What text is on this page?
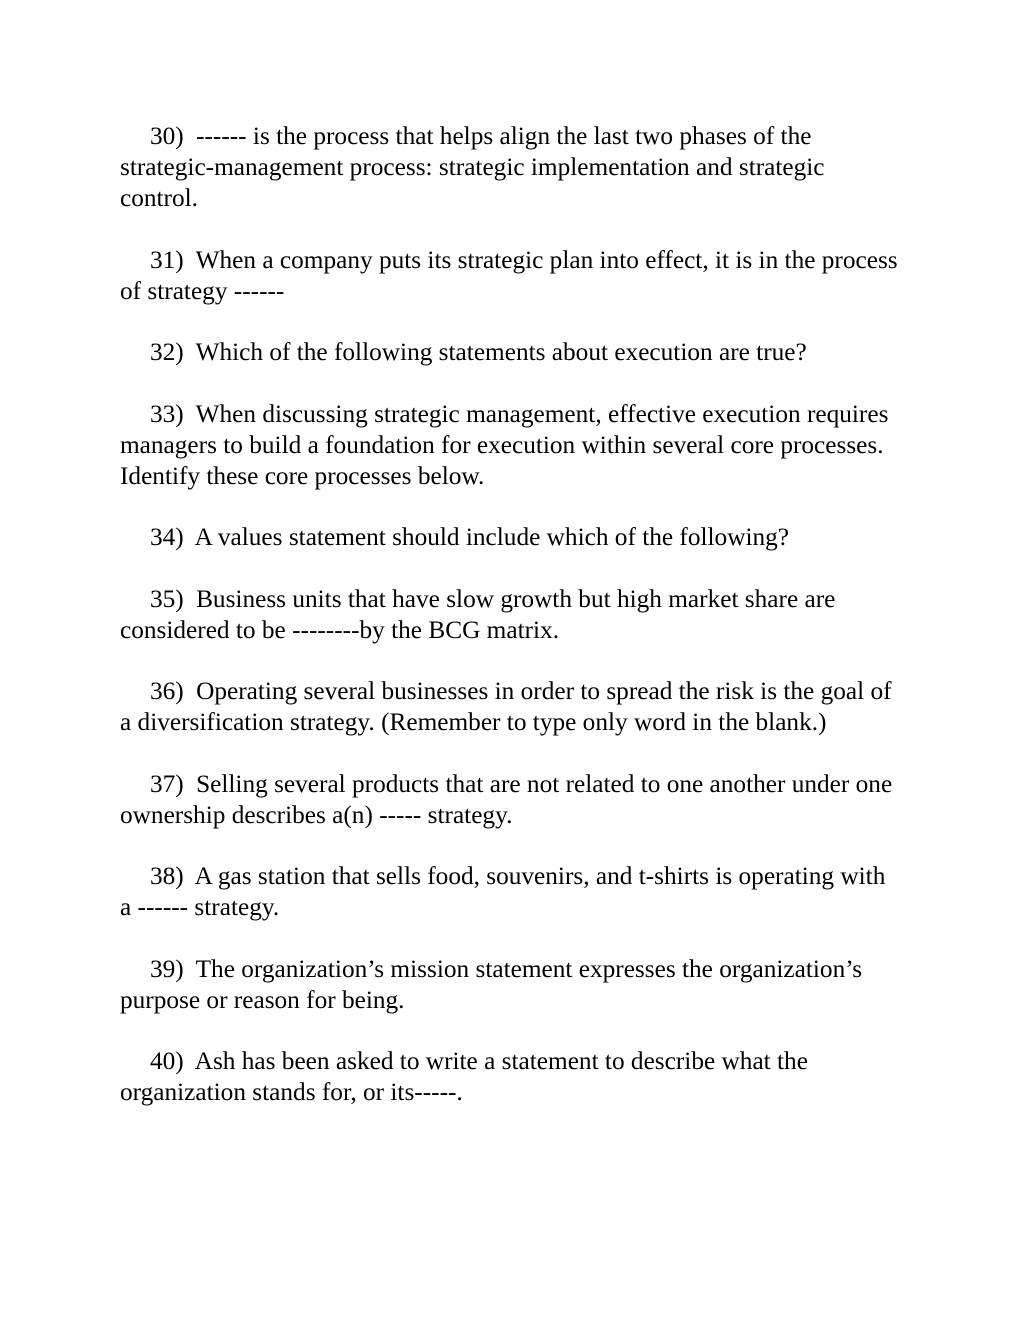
30) ------ is the process that helps align the last two phases of the strategic-management process: strategic implementation and strategic control.

31) When a company puts its strategic plan into effect, it is in the process of strategy ------

32) Which of the following statements about execution are true?

33) When discussing strategic management, effective execution requires managers to build a foundation for execution within several core processes. Identify these core processes below.

34) A values statement should include which of the following?

35) Business units that have slow growth but high market share are considered to be --------by the BCG matrix.

36) Operating several businesses in order to spread the risk is the goal of a diversification strategy. (Remember to type only word in the blank.)

37) Selling several products that are not related to one another under one ownership describes a(n) ----- strategy.

38) A gas station that sells food, souvenirs, and t-shirts is operating with a ------ strategy.

39) The organization’s mission statement expresses the organization’s purpose or reason for being.

40) Ash has been asked to write a statement to describe what the organization stands for, or its-----.
